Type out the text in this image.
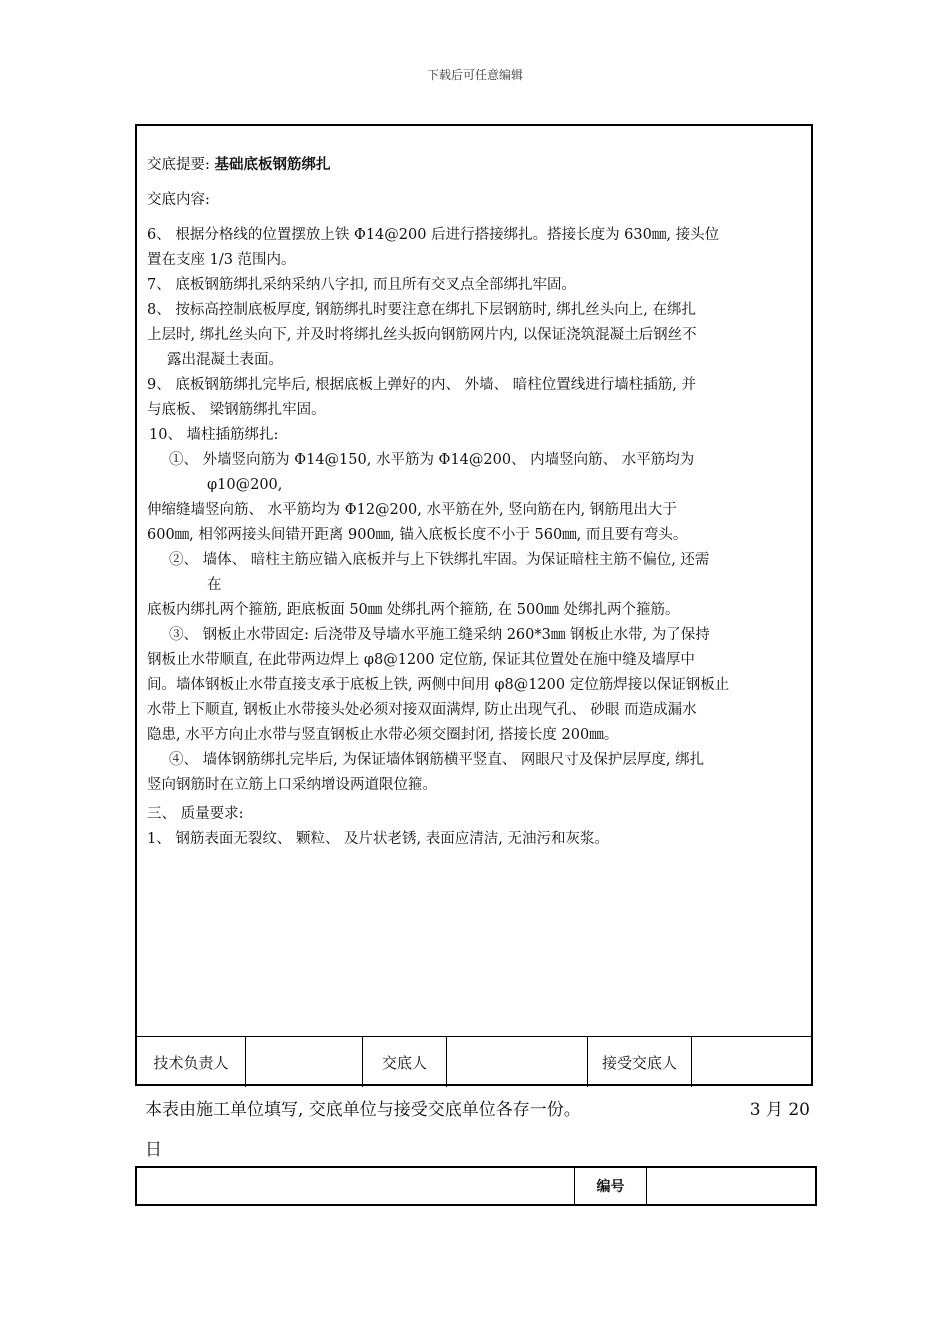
下载后可任意编辑

交底提要: 基础底板钢筋绑扎

交底内容:

6、 根据分格线的位置摆放上铁 Φ14@200 后进行搭接绑扎。搭接长度为 630㎜, 接头位

置在支座 1/3 范围内。

7、 底板钢筋绑扎采纳采纳八字扣, 而且所有交叉点全部绑扎牢固。

8、 按标高控制底板厚度, 钢筋绑扎时要注意在绑扎下层钢筋时, 绑扎丝头向上, 在绑扎

上层时, 绑扎丝头向下, 并及时将绑扎丝头扳向钢筋网片内, 以保证浇筑混凝土后钢丝不

露出混凝土表面。

9、 底板钢筋绑扎完毕后, 根据底板上弹好的内、 外墙、 暗柱位置线进行墙柱插筋, 并

与底板、 梁钢筋绑扎牢固。

10、 墙柱插筋绑扎:

①、 外墙竖向筋为 Φ14@150, 水平筋为 Φ14@200、 内墙竖向筋、 水平筋均为

φ10@200,

伸缩缝墙竖向筋、 水平筋均为 Φ12@200, 水平筋在外, 竖向筋在内, 钢筋甩出大于

600㎜, 相邻两接头间错开距离 900㎜, 锚入底板长度不小于 560㎜, 而且要有弯头。

②、 墙体、 暗柱主筋应锚入底板并与上下铁绑扎牢固。为保证暗柱主筋不偏位, 还需

在

底板内绑扎两个箍筋, 距底板面 50㎜ 处绑扎两个箍筋, 在 500㎜ 处绑扎两个箍筋。

③、 钢板止水带固定: 后浇带及导墙水平施工缝采纳 260*3㎜ 钢板止水带, 为了保持

钢板止水带顺直, 在此带两边焊上 φ8@1200 定位筋, 保证其位置处在施中缝及墙厚中

间。墙体钢板止水带直接支承于底板上铁, 两侧中间用 φ8@1200 定位筋焊接以保证钢板止

水带上下顺直, 钢板止水带接头处必须对接双面满焊, 防止出现气孔、 砂眼 而造成漏水

隐患, 水平方向止水带与竖直钢板止水带必须交圈封闭, 搭接长度 200㎜。

④、 墙体钢筋绑扎完毕后, 为保证墙体钢筋横平竖直、 网眼尺寸及保护层厚度, 绑扎

竖向钢筋时在立筋上口采纳增设两道限位箍。

三、 质量要求:

1、 钢筋表面无裂纹、 颗粒、 及片状老锈, 表面应清洁, 无油污和灰浆。

技术负责人	交底人	接受交底人
本表由施工单位填写, 交底单位与接受交底单位各存一份。	3 月 20
日
编号
